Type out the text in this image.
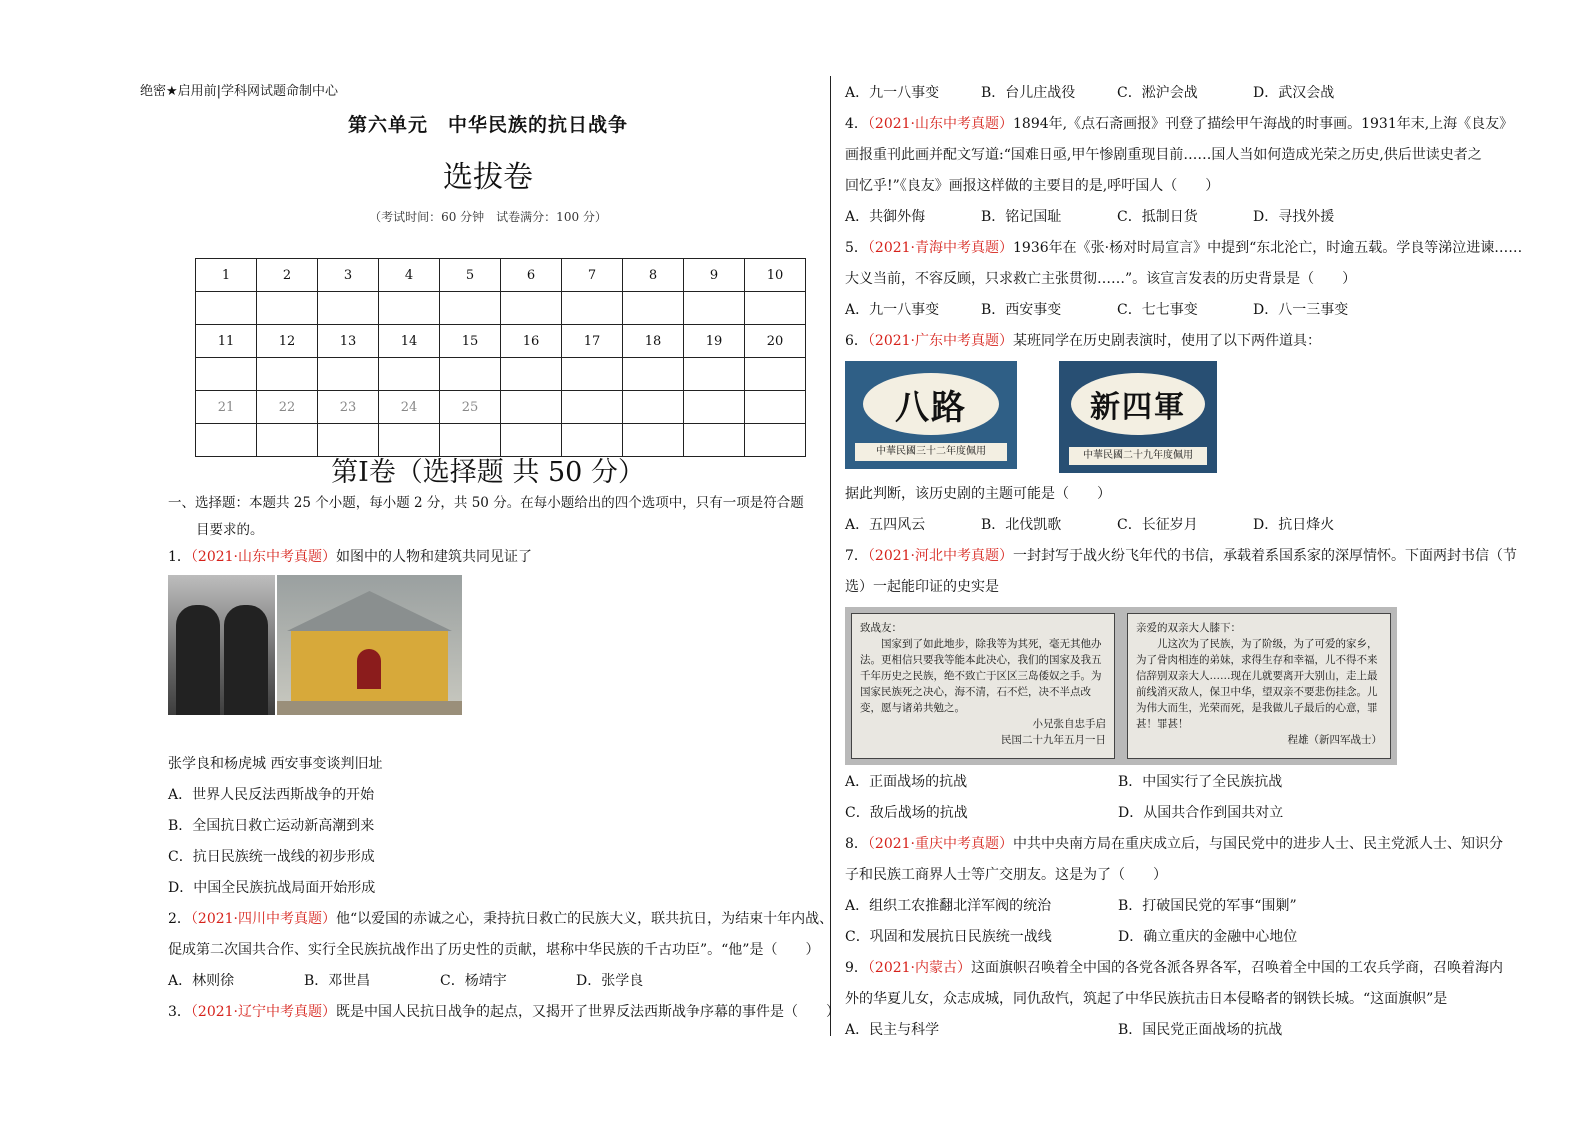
绝密★启用前|学科网试题命制中心
第六单元　中华民族的抗日战争
选拔卷
（考试时间：60 分钟　试卷满分：100 分）
1	2	3	4	5	6	7	8	9	10

11	12	13	14	15	16	17	18	19	20

21	22	23	24	25					

第Ⅰ卷（选择题 共 50 分）
一、选择题：本题共 25 个小题，每小题 2 分，共 50 分。在每小题给出的四个选项中，只有一项是符合题
目要求的。
1．（2021·山东中考真题）如图中的人物和建筑共同见证了
张学良和杨虎城 西安事变谈判旧址
A．世界人民反法西斯战争的开始
B．全国抗日救亡运动新高潮到来
C．抗日民族统一战线的初步形成
D．中国全民族抗战局面开始形成
2．（2021·四川中考真题）他“以爱国的赤诚之心，秉持抗日救亡的民族大义，联共抗日，为结束十年内战、
促成第二次国共合作、实行全民族抗战作出了历史性的贡献，堪称中华民族的千古功臣”。“他”是（　　）
A．林则徐	B．邓世昌	C．杨靖宇	D．张学良
3．（2021·辽宁中考真题）既是中国人民抗日战争的起点，又揭开了世界反法西斯战争序幕的事件是（　　）
A．九一八事变	B．台儿庄战役	C．淞沪会战	D．武汉会战
4．（2021·山东中考真题）1894年,《点石斋画报》刊登了描绘甲午海战的时事画。1931年末,上海《良友》
画报重刊此画并配文写道:“国难日亟,甲午惨剧重现目前……国人当如何造成光荣之历史,供后世读史者之
回忆乎!”《良友》画报这样做的主要目的是,呼吁国人（　　）
A．共御外侮	B．铭记国耻	C．抵制日货	D．寻找外援
5．（2021·青海中考真题）1936年在《张·杨对时局宣言》中提到“东北沦亡，时逾五载。学良等涕泣进谏……
大义当前，不容反顾，只求救亡主张贯彻……”。该宣言发表的历史背景是（　　）
A．九一八事变	B．西安事变	C．七七事变	D．八一三事变
6．（2021·广东中考真题）某班同学在历史剧表演时，使用了以下两件道具：
八路
中華民國三十二年度佩用
新四軍
中華民國二十九年度佩用
据此判断，该历史剧的主题可能是（　　）
A．五四风云	B．北伐凯歌	C．长征岁月	D．抗日烽火
7．（2021·河北中考真题）一封封写于战火纷飞年代的书信，承载着系国系家的深厚情怀。下面两封书信（节
选）一起能印证的史实是
致战友：
国家到了如此地步，除我等为其死，毫无其他办法。更相信只要我等能本此决心，我们的国家及我五千年历史之民族，绝不致亡于区区三岛倭奴之手。为国家民族死之决心，海不清，石不烂，决不半点改变，愿与诸弟共勉之。
小兄张自忠手启
民国二十九年五月一日
亲爱的双亲大人膝下：
儿这次为了民族，为了阶级，为了可爱的家乡，为了骨肉相连的弟妹，求得生存和幸福，儿不得不来信辞别双亲大人……现在儿就要离开大别山，走上最前线消灭敌人，保卫中华，望双亲不要悲伤挂念。儿为伟大而生，光荣而死，是我做儿子最后的心意，罪甚！罪甚！
程雄（新四军战士）
A．正面战场的抗战	B．中国实行了全民族抗战
C．敌后战场的抗战	D．从国共合作到国共对立
8．（2021·重庆中考真题）中共中央南方局在重庆成立后，与国民党中的进步人士、民主党派人士、知识分
子和民族工商界人士等广交朋友。这是为了（　　）
A．组织工农推翻北洋军阀的统治	B．打破国民党的军事“围剿”
C．巩固和发展抗日民族统一战线	D．确立重庆的金融中心地位
9．（2021·内蒙古）这面旗帜召唤着全中国的各党各派各界各军，召唤着全中国的工农兵学商，召唤着海内
外的华夏儿女，众志成城，同仇敌忾，筑起了中华民族抗击日本侵略者的钢铁长城。“这面旗帜”是
A．民主与科学	B．国民党正面战场的抗战
